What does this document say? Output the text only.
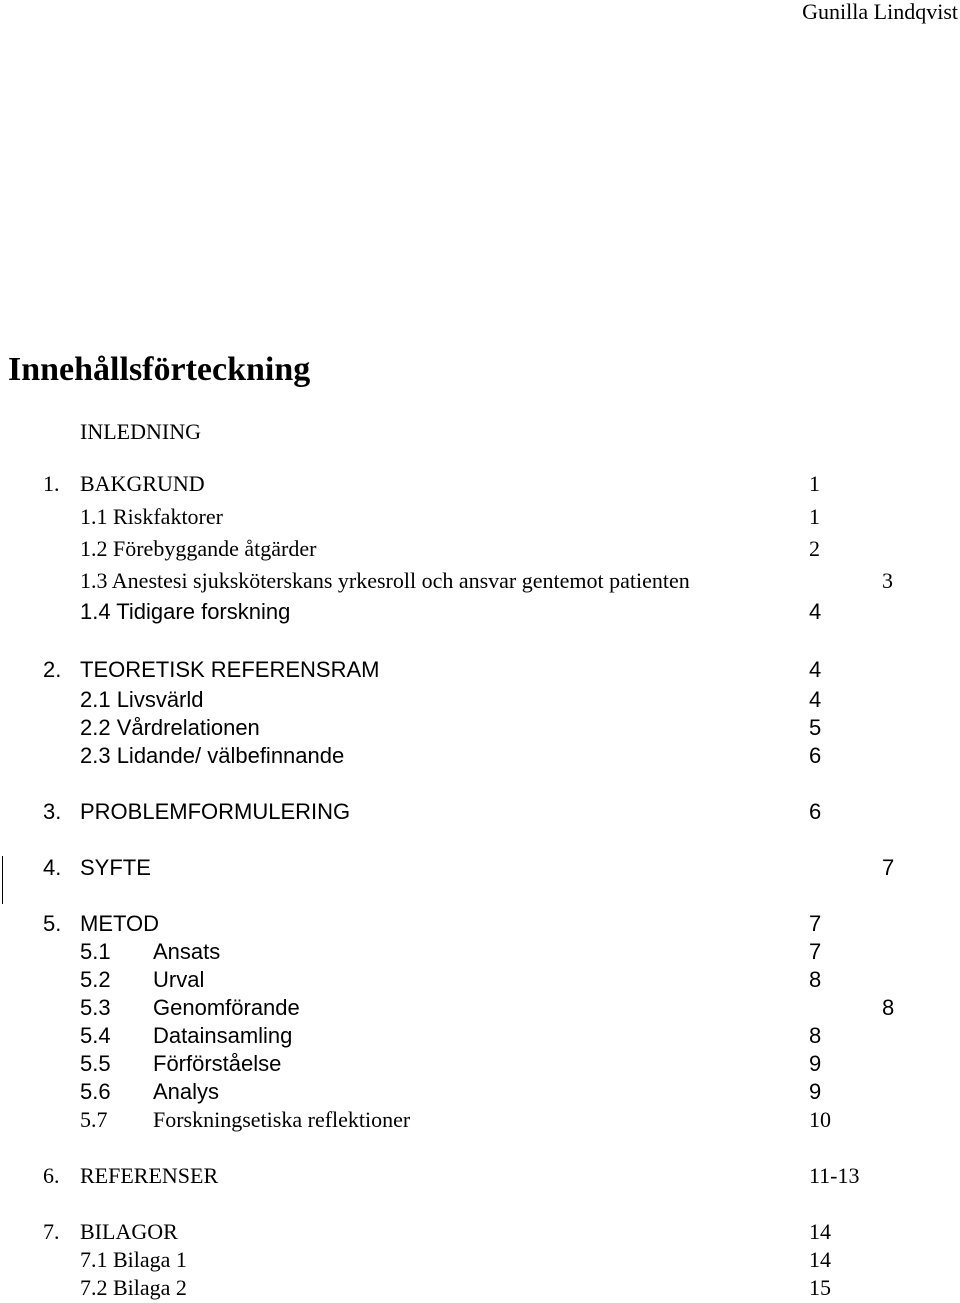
Gunilla Lindqvist
Innehållsförteckning
INLEDNING
1. BAKGRUND	1
1.1 Riskfaktorer	1
1.2 Förebyggande åtgärder	2
1.3 Anestesi sjuksköterskans yrkesroll och ansvar gentemot patienten	3
1.4 Tidigare forskning	4
2. TEORETISK REFERENSRAM	4
2.1 Livsvärld	4
2.2 Vårdrelationen	5
2.3 Lidande/ välbefinnande	6
3. PROBLEMFORMULERING	6
4. SYFTE	7
5. METOD	7
5.1 Ansats	7
5.2 Urval	8
5.3 Genomförande	8
5.4 Datainsamling	8
5.5 Förförståelse	9
5.6 Analys	9
5.7 Forskningsetiska reflektioner	10
6. REFERENSER	11-13
7. BILAGOR	14
7.1 Bilaga 1	14
7.2 Bilaga 2	15
